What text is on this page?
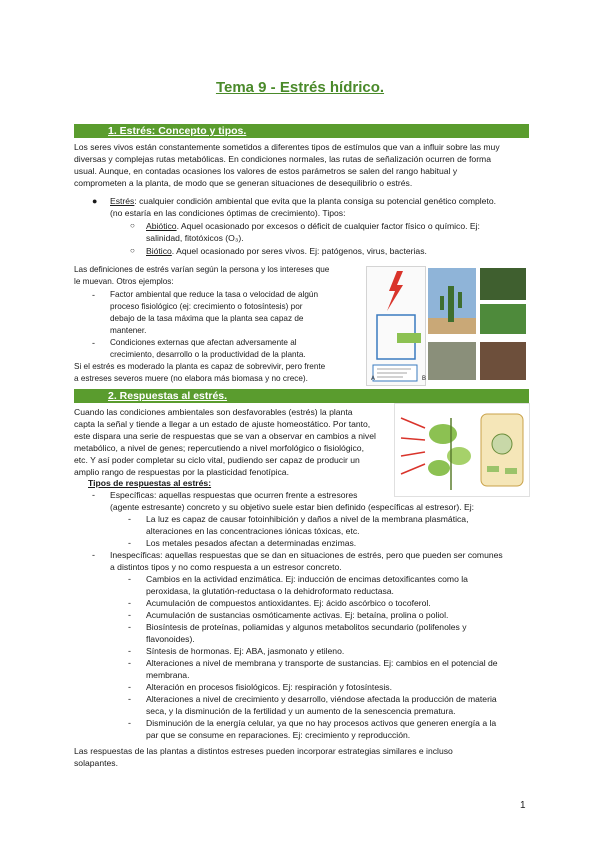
Tema 9 - Estrés hídrico.
1. Estrés: Concepto y tipos.
Los seres vivos están constantemente sometidos a diferentes tipos de estímulos que van a influir sobre las muy
diversas y complejas rutas metabólicas. En condiciones normales, las rutas de señalización ocurren de forma
usual. Aunque, en contadas ocasiones los valores de estos parámetros se salen del rango habitual y
comprometen a la planta, de modo que se generan situaciones de desequilibrio o estrés.
● Estrés: cualquier condición ambiental que evita que la planta consiga su potencial genético completo.
(no estaría en las condiciones óptimas de crecimiento). Tipos:
○ Abiótico. Aquel ocasionado por excesos o déficit de cualquier factor físico o químico. Ej:
salinidad, fitotóxicos (O₃).
○ Biótico. Aquel ocasionado por seres vivos. Ej: patógenos, virus, bacterias.
Las definiciones de estrés varían según la persona y los intereses que
le muevan. Otros ejemplos:
- Factor ambiental que reduce la tasa o velocidad de algún
proceso fisiológico (ej: crecimiento o fotosíntesis) por
debajo de la tasa máxima que la planta sea capaz de
mantener.
- Condiciones externas que afectan adversamente al
crecimiento, desarrollo o la productividad de la planta.
Si el estrés es moderado la planta es capaz de sobrevivir, pero frente
a estreses severos muere (no elabora más biomasa y no crece).	A	B
2. Respuestas al estrés.
Cuando las condiciones ambientales son desfavorables (estrés) la planta
capta la señal y tiende a llegar a un estado de ajuste homeostático. Por tanto,
este dispara una serie de respuestas que se van a observar en cambios a nivel
metabólico, a nivel de genes; repercutiendo a nivel morfológico o fisiológico,
etc. Y así poder completar su ciclo vital, pudiendo ser capaz de producir un
amplio rango de respuestas por la plasticidad fenotípica.
Tipos de respuestas al estrés:
- Específicas: aquellas respuestas que ocurren frente a estresores
(agente estresante) concreto y su objetivo suele estar bien definido (específicas al estresor). Ej:
- La luz es capaz de causar fotoinhibición y daños a nivel de la membrana plasmática,
alteraciones en las concentraciones iónicas tóxicas, etc.
- Los metales pesados afectan a determinadas enzimas.
- Inespecíficas: aquellas respuestas que se dan en situaciones de estrés, pero que pueden ser comunes
a distintos tipos y no como respuesta a un estresor concreto.
- Cambios en la actividad enzimática. Ej: inducción de encimas detoxificantes como la
peroxidasa, la glutatión-reductasa o la dehidroformato reductasa.
- Acumulación de compuestos antioxidantes. Ej: ácido ascórbico o tocoferol.
- Acumulación de sustancias osmóticamente activas. Ej: betaína, prolina o poliol.
- Biosíntesis de proteínas, poliamidas y algunos metabolitos secundario (polifenoles y
flavonoides).
- Síntesis de hormonas. Ej: ABA, jasmonato y etileno.
- Alteraciones a nivel de membrana y transporte de sustancias. Ej: cambios en el potencial de
membrana.
- Alteración en procesos fisiológicos. Ej: respiración y fotosíntesis.
- Alteraciones a nivel de crecimiento y desarrollo, viéndose afectada la producción de materia
seca, y la disminución de la fertilidad y un aumento de la senescencia prematura.
- Disminución de la energía celular, ya que no hay procesos activos que generen energía a la
par que se consume en reparaciones. Ej: crecimiento y reproducción.
Las respuestas de las plantas a distintos estreses pueden incorporar estrategias similares e incluso
solapantes.
1
